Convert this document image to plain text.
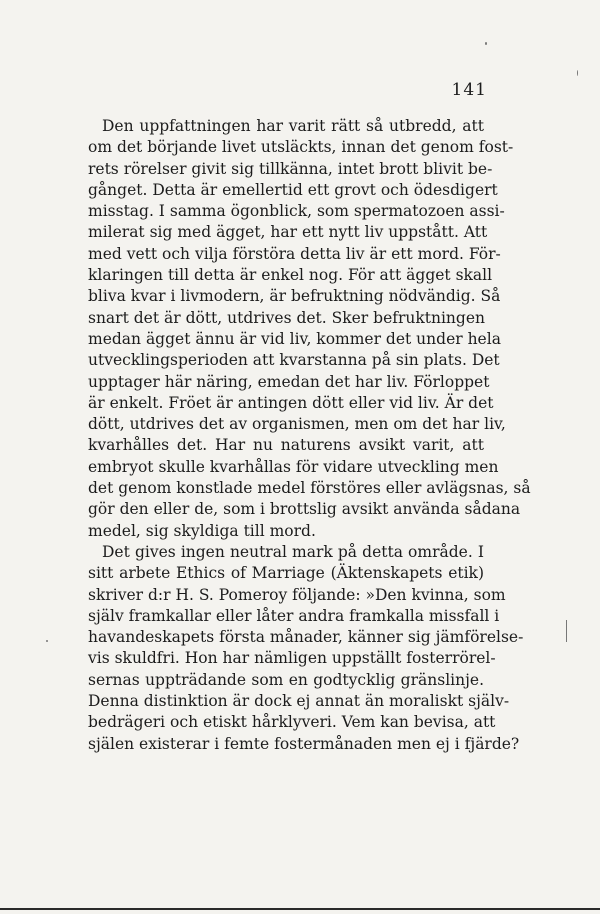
141
Den uppfattningen har varit rätt så utbredd, att
om det börjande livet utsläckts, innan det genom fost-
rets rörelser givit sig tillkänna, intet brott blivit be-
gånget. Detta är emellertid ett grovt och ödesdigert
misstag. I samma ögonblick, som spermatozoen assi-
milerat sig med ägget, har ett nytt liv uppstått. Att
med vett och vilja förstöra detta liv är ett mord. För-
klaringen till detta är enkel nog. För att ägget skall
bliva kvar i livmodern, är befruktning nödvändig. Så
snart det är dött, utdrives det. Sker befruktningen
medan ägget ännu är vid liv, kommer det under hela
utvecklingsperioden att kvarstanna på sin plats. Det
upptager här näring, emedan det har liv. Förloppet
är enkelt. Fröet är antingen dött eller vid liv. Är det
dött, utdrives det av organismen, men om det har liv,
kvarhålles det. Har nu naturens avsikt varit, att
embryot skulle kvarhållas för vidare utveckling men
det genom konstlade medel förstöres eller avlägsnas, så
gör den eller de, som i brottslig avsikt använda sådana
medel, sig skyldiga till mord.
Det gives ingen neutral mark på detta område. I
sitt arbete Ethics of Marriage (Äktenskapets etik)
skriver d:r H. S. Pomeroy följande: »Den kvinna, som
själv framkallar eller låter andra framkalla missfall i
havandeskapets första månader, känner sig jämförelse-
vis skuldfri. Hon har nämligen uppställt fosterrörel-
sernas uppträdande som en godtycklig gränslinje.
Denna distinktion är dock ej annat än moraliskt själv-
bedrägeri och etiskt hårklyveri. Vem kan bevisa, att
själen existerar i femte fostermånaden men ej i fjärde?
